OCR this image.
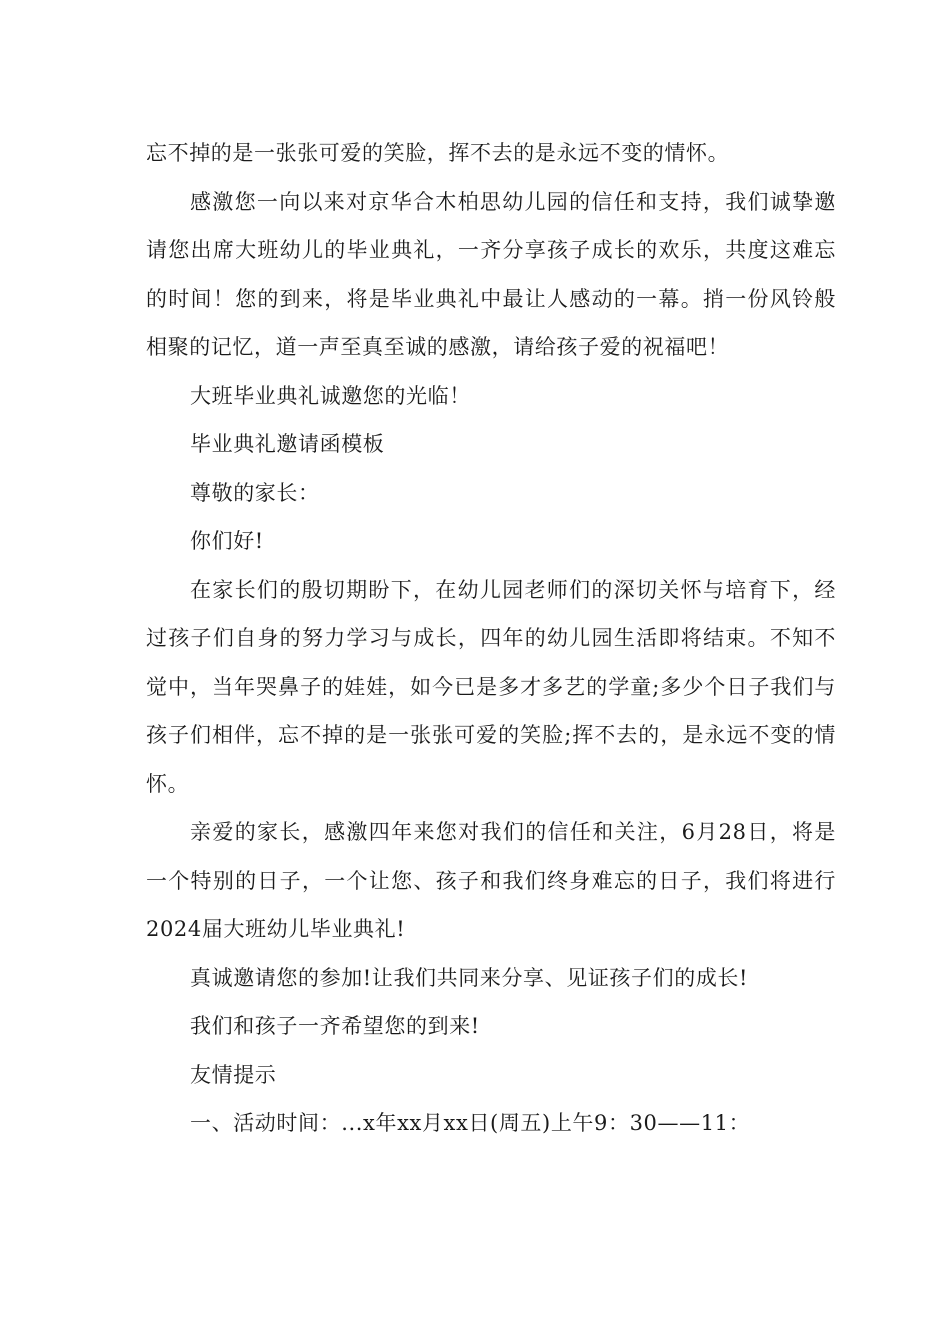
忘不掉的是一张张可爱的笑脸，挥不去的是永远不变的情怀。

感激您一向以来对京华合木柏思幼儿园的信任和支持，我们诚挚邀请您出席大班幼儿的毕业典礼，一齐分享孩子成长的欢乐，共度这难忘的时间！您的到来，将是毕业典礼中最让人感动的一幕。捎一份风铃般相聚的记忆，道一声至真至诚的感激，请给孩子爱的祝福吧！

大班毕业典礼诚邀您的光临！

毕业典礼邀请函模板

尊敬的家长：

你们好!

在家长们的殷切期盼下，在幼儿园老师们的深切关怀与培育下，经过孩子们自身的努力学习与成长，四年的幼儿园生活即将结束。不知不觉中，当年哭鼻子的娃娃，如今已是多才多艺的学童;多少个日子我们与孩子们相伴，忘不掉的是一张张可爱的笑脸;挥不去的，是永远不变的情怀。

亲爱的家长，感激四年来您对我们的信任和关注，6月28日，将是一个特别的日子，一个让您、孩子和我们终身难忘的日子，我们将进行2024届大班幼儿毕业典礼!

真诚邀请您的参加!让我们共同来分享、见证孩子们的成长!

我们和孩子一齐希望您的到来!

友情提示

一、活动时间：...x年xx月xx日(周五)上午9：30——11：
